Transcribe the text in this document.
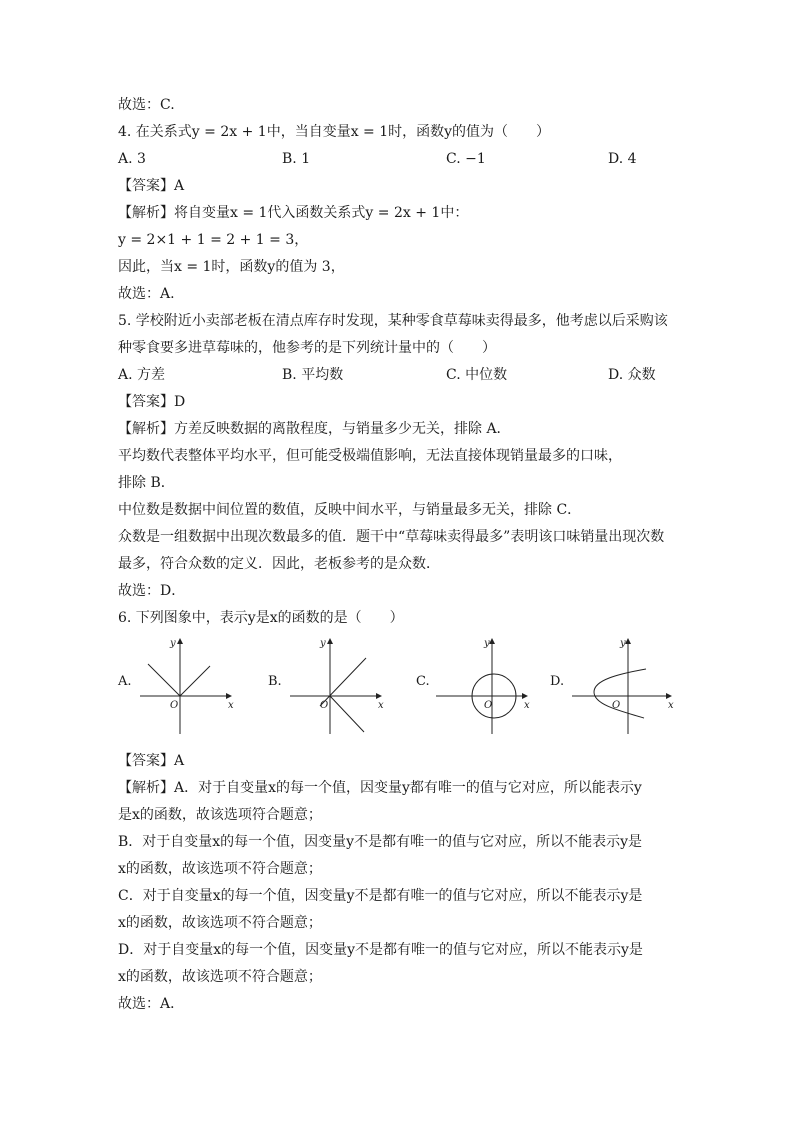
故选：C.
4. 在关系式y = 2x + 1中，当自变量x = 1时，函数y的值为（　　）
A. 3	B. 1	C. −1	D. 4
【答案】A
【解析】将自变量x = 1代入函数关系式y = 2x + 1中：
y = 2×1 + 1 = 2 + 1 = 3，
因此，当x = 1时，函数y的值为 3，
故选：A.
5. 学校附近小卖部老板在清点库存时发现，某种零食草莓味卖得最多，他考虑以后采购该
种零食要多进草莓味的，他参考的是下列统计量中的（　　）
A. 方差	B. 平均数	C. 中位数	D. 众数
【答案】D
【解析】方差反映数据的离散程度，与销量多少无关，排除 A．
平均数代表整体平均水平，但可能受极端值影响，无法直接体现销量最多的口味，
排除 B．
中位数是数据中间位置的数值，反映中间水平，与销量最多无关，排除 C．
众数是一组数据中出现次数最多的值．题干中“草莓味卖得最多”表明该口味销量出现次数
最多，符合众数的定义．因此，老板参考的是众数．
故选：D．
6. 下列图象中，表示y是x的函数的是（　　）
A.
x
y
O
B.
x
y
O
C.
x
y
O
D.
x
y
O
【答案】A
【解析】A．对于自变量x的每一个值，因变量y都有唯一的值与它对应，所以能表示y
是x的函数，故该选项符合题意；
B．对于自变量x的每一个值，因变量y不是都有唯一的值与它对应，所以不能表示y是
x的函数，故该选项不符合题意；
C．对于自变量x的每一个值，因变量y不是都有唯一的值与它对应，所以不能表示y是
x的函数，故该选项不符合题意；
D．对于自变量x的每一个值，因变量y不是都有唯一的值与它对应，所以不能表示y是
x的函数，故该选项不符合题意；
故选：A．
